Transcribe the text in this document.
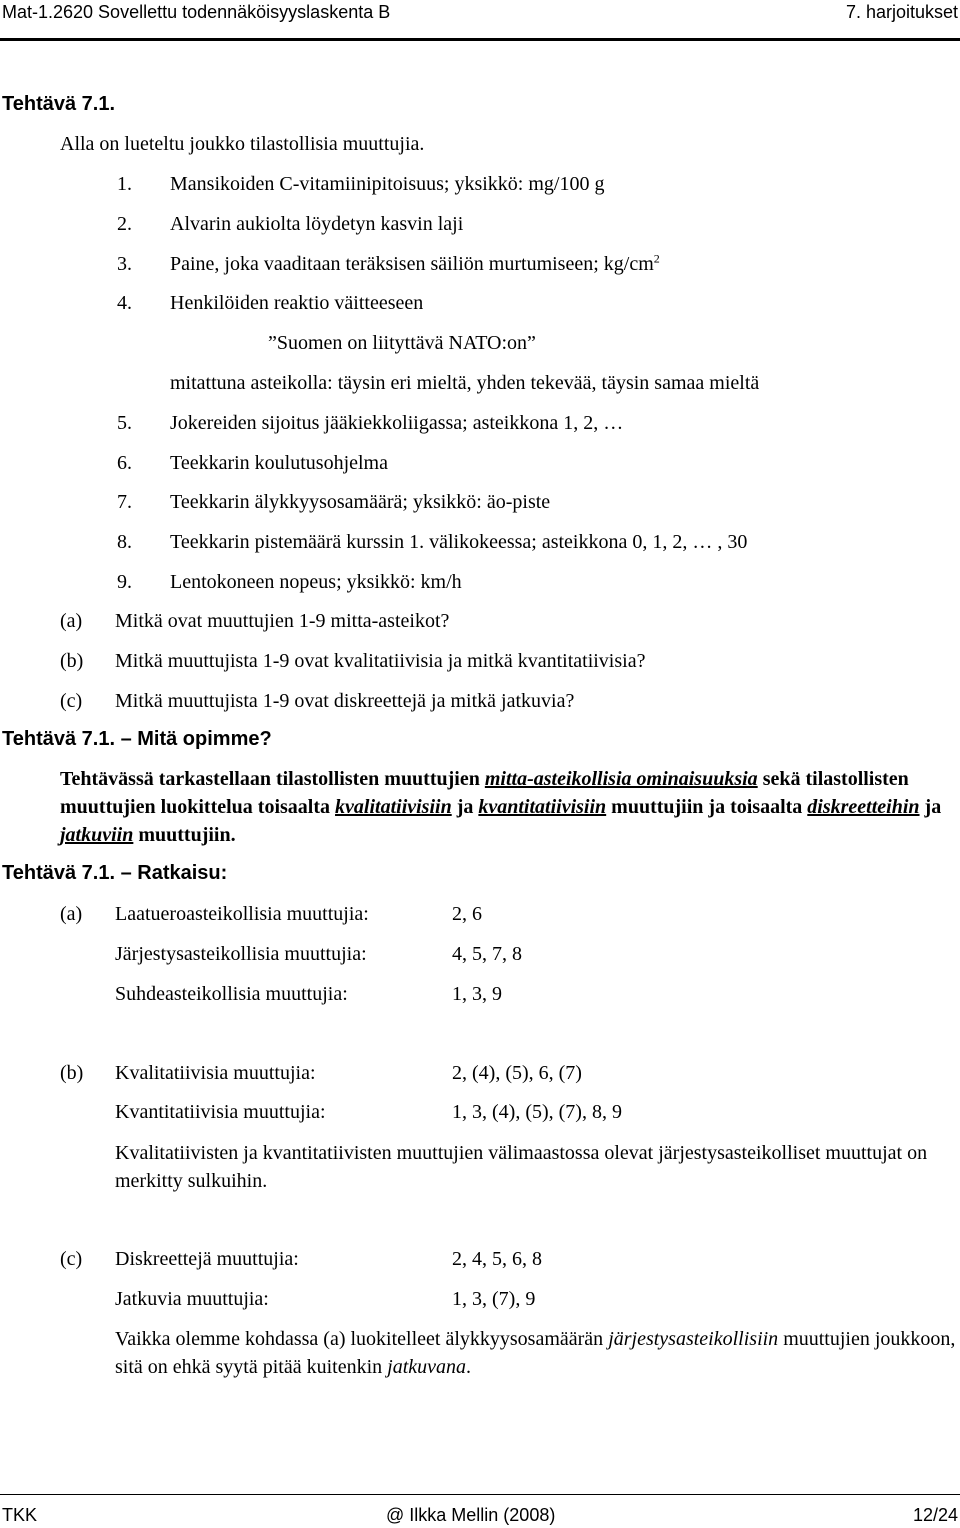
Mat-1.2620 Sovellettu todennäköisyyslaskenta B	7. harjoitukset
Tehtävä 7.1.
Alla on lueteltu joukko tilastollisia muuttujia.
1. Mansikoiden C-vitamiinipitoisuus; yksikkö: mg/100 g
2. Alvarin aukiolta löydetyn kasvin laji
3. Paine, joka vaaditaan teräksisen säiliön murtumiseen; $kg/cm^2$
4. Henkilöiden reaktio väitteeseen
”Suomen on liityttävä NATO:on”
mitattuna asteikolla: täysin eri mieltä, yhden tekevää, täysin samaa mieltä
5. Jokereiden sijoitus jääkiekkoliigassa; asteikkona 1, 2, …
6. Teekkarin koulutusohjelma
7. Teekkarin älykkyysosamäärä; yksikkö: äo-piste
8. Teekkarin pistemäärä kurssin 1. välikokeessa; asteikkona 0, 1, 2, … , 30
9. Lentokoneen nopeus; yksikkö: km/h
(a) Mitkä ovat muuttujien 1-9 mitta-asteikot?
(b) Mitkä muuttujista 1-9 ovat kvalitatiivisia ja mitkä kvantitatiivisia?
(c) Mitkä muuttujista 1-9 ovat diskreettejä ja mitkä jatkuvia?
Tehtävä 7.1. – Mitä opimme?
Tehtävässä tarkastellaan tilastollisten muuttujien mitta-asteikollisia ominaisuuksia sekä tilastollisten muuttujien luokittelua toisaalta kvalitatiivisiin ja kvantitatiivisiin muuttujiin ja toisaalta diskreetteihin ja jatkuviin muuttujiin.
Tehtävä 7.1. – Ratkaisu:
(a) Laatueroasteikollisia muuttujia:	2, 6
Järjestysasteikollisia muuttujia:	4, 5, 7, 8
Suhdeasteikollisia muuttujia:	1, 3, 9
(b) Kvalitatiivisia muuttujia:	2, (4), (5), 6, (7)
Kvantitatiivisia muuttujia:	1, 3, (4), (5), (7), 8, 9
Kvalitatiivisten ja kvantitatiivisten muuttujien välimaastossa olevat järjestysasteikolliset muuttujat on merkitty sulkuihin.
(c) Diskreettejä muuttujia:	2, 4, 5, 6, 8
Jatkuvia muuttujia:	1, 3, (7), 9
Vaikka olemme kohdassa (a) luokitelleet älykkyysosamäärän järjestysasteikollisiin muuttujien joukkoon, sitä on ehkä syytä pitää kuitenkin jatkuvana.
TKK	@ Ilkka Mellin (2008)	12/24
